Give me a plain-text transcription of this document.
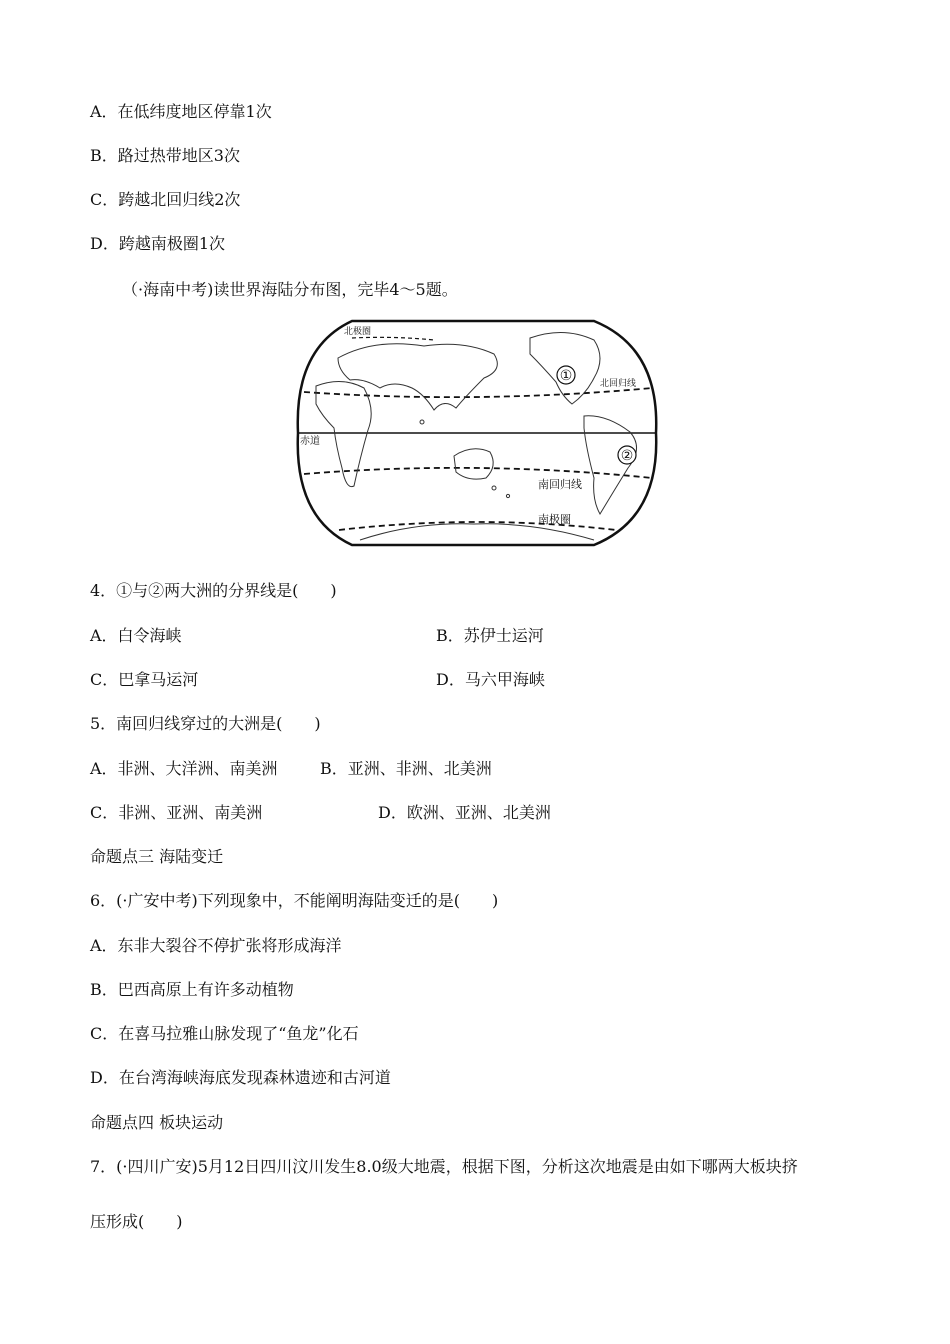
A．在低纬度地区停靠1次
B．路过热带地区3次
C．跨越北回归线2次
D．跨越南极圈1次
（·海南中考)读世界海陆分布图，完毕4～5题。
①
②
北极圈
北回归线
赤道
南回归线
南极圈
4．①与②两大洲的分界线是(　　)
A．白令海峡	B．苏伊士运河
C．巴拿马运河	D．马六甲海峡
5．南回归线穿过的大洲是(　　)
A．非洲、大洋洲、南美洲	B．亚洲、非洲、北美洲
C．非洲、亚洲、南美洲	D．欧洲、亚洲、北美洲
命题点三 海陆变迁
6．(·广安中考)下列现象中，不能阐明海陆变迁的是(　　)
A．东非大裂谷不停扩张将形成海洋
B．巴西高原上有许多动植物
C．在喜马拉雅山脉发现了“鱼龙”化石
D．在台湾海峡海底发现森林遗迹和古河道
命题点四 板块运动
7．(·四川广安)5月12日四川汶川发生8.0级大地震，根据下图，分析这次地震是由如下哪两大板块挤
压形成(　　)
